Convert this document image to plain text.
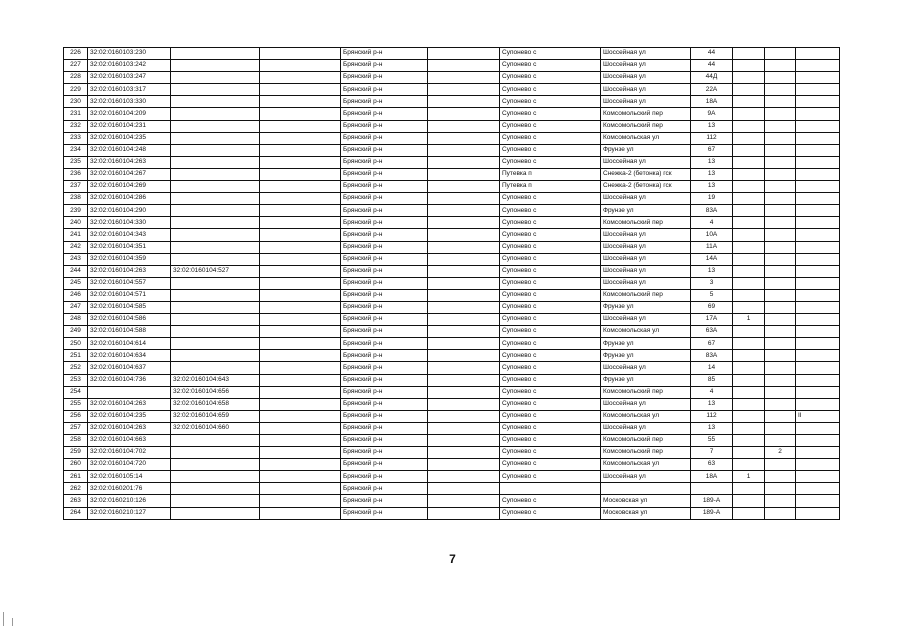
226	32:02:0160103:230			Брянский р-н		Супонево с	Шоссейная ул	44			
227	32:02:0160103:242			Брянский р-н		Супонево с	Шоссейная ул	44			
228	32:02:0160103:247			Брянский р-н		Супонево с	Шоссейная ул	44Д			
229	32:02:0160103:317			Брянский р-н		Супонево с	Шоссейная ул	22А			
230	32:02:0160103:330			Брянский р-н		Супонево с	Шоссейная ул	18А			
231	32:02:0160104:209			Брянский р-н		Супонево с	Комсомольский пер	9А			
232	32:02:0160104:231			Брянский р-н		Супонево с	Комсомольский пер	13			
233	32:02:0160104:235			Брянский р-н		Супонево с	Комсомольская ул	112			
234	32:02:0160104:248			Брянский р-н		Супонево с	Фрунзе ул	67			
235	32:02:0160104:263			Брянский р-н		Супонево с	Шоссейная ул	13			
236	32:02:0160104:267			Брянский р-н		Путевка п	Снежка-2 (бетонка) гск	13			
237	32:02:0160104:269			Брянский р-н		Путевка п	Снежка-2 (бетонка) гск	13			
238	32:02:0160104:286			Брянский р-н		Супонево с	Шоссейная ул	19			
239	32:02:0160104:290			Брянский р-н		Супонево с	Фрунзе ул	83А			
240	32:02:0160104:330			Брянский р-н		Супонево с	Комсомольский пер	4			
241	32:02:0160104:343			Брянский р-н		Супонево с	Шоссейная ул	10А			
242	32:02:0160104:351			Брянский р-н		Супонево с	Шоссейная ул	11А			
243	32:02:0160104:359			Брянский р-н		Супонево с	Шоссейная ул	14А			
244	32:02:0160104:263	32:02:0160104:527		Брянский р-н		Супонево с	Шоссейная ул	13			
245	32:02:0160104:557			Брянский р-н		Супонево с	Шоссейная ул	3			
246	32:02:0160104:571			Брянский р-н		Супонево с	Комсомольский пер	5			
247	32:02:0160104:585			Брянский р-н		Супонево с	Фрунзе ул	69			
248	32:02:0160104:586			Брянский р-н		Супонево с	Шоссейная ул	17А	1		
249	32:02:0160104:588			Брянский р-н		Супонево с	Комсомольская ул	63А			
250	32:02:0160104:614			Брянский р-н		Супонево с	Фрунзе ул	67			
251	32:02:0160104:634			Брянский р-н		Супонево с	Фрунзе ул	83А			
252	32:02:0160104:637			Брянский р-н		Супонево с	Шоссейная ул	14			
253	32:02:0160104:736	32:02:0160104:643		Брянский р-н		Супонево с	Фрунзе ул	85			
254		32:02:0160104:656		Брянский р-н		Супонево с	Комсомольский пер	4			
255	32:02:0160104:263	32:02:0160104:658		Брянский р-н		Супонево с	Шоссейная ул	13			
256	32:02:0160104:235	32:02:0160104:659		Брянский р-н		Супонево с	Комсомольская ул	112			II
257	32:02:0160104:263	32:02:0160104:660		Брянский р-н		Супонево с	Шоссейная ул	13			
258	32:02:0160104:663			Брянский р-н		Супонево с	Комсомольский пер	55			
259	32:02:0160104:702			Брянский р-н		Супонево с	Комсомольский пер	7		2	
260	32:02:0160104:720			Брянский р-н		Супонево с	Комсомольская ул	63			
261	32:02:0160105:14			Брянский р-н		Супонево с	Шоссейная ул	18А	1		
262	32:02:0160201:76			Брянский р-н							
263	32:02:0160210:126			Брянский р-н		Супонево с	Московская ул	189-А			
264	32:02:0160210:127			Брянский р-н		Супонево с	Московская ул	189-А			
7
